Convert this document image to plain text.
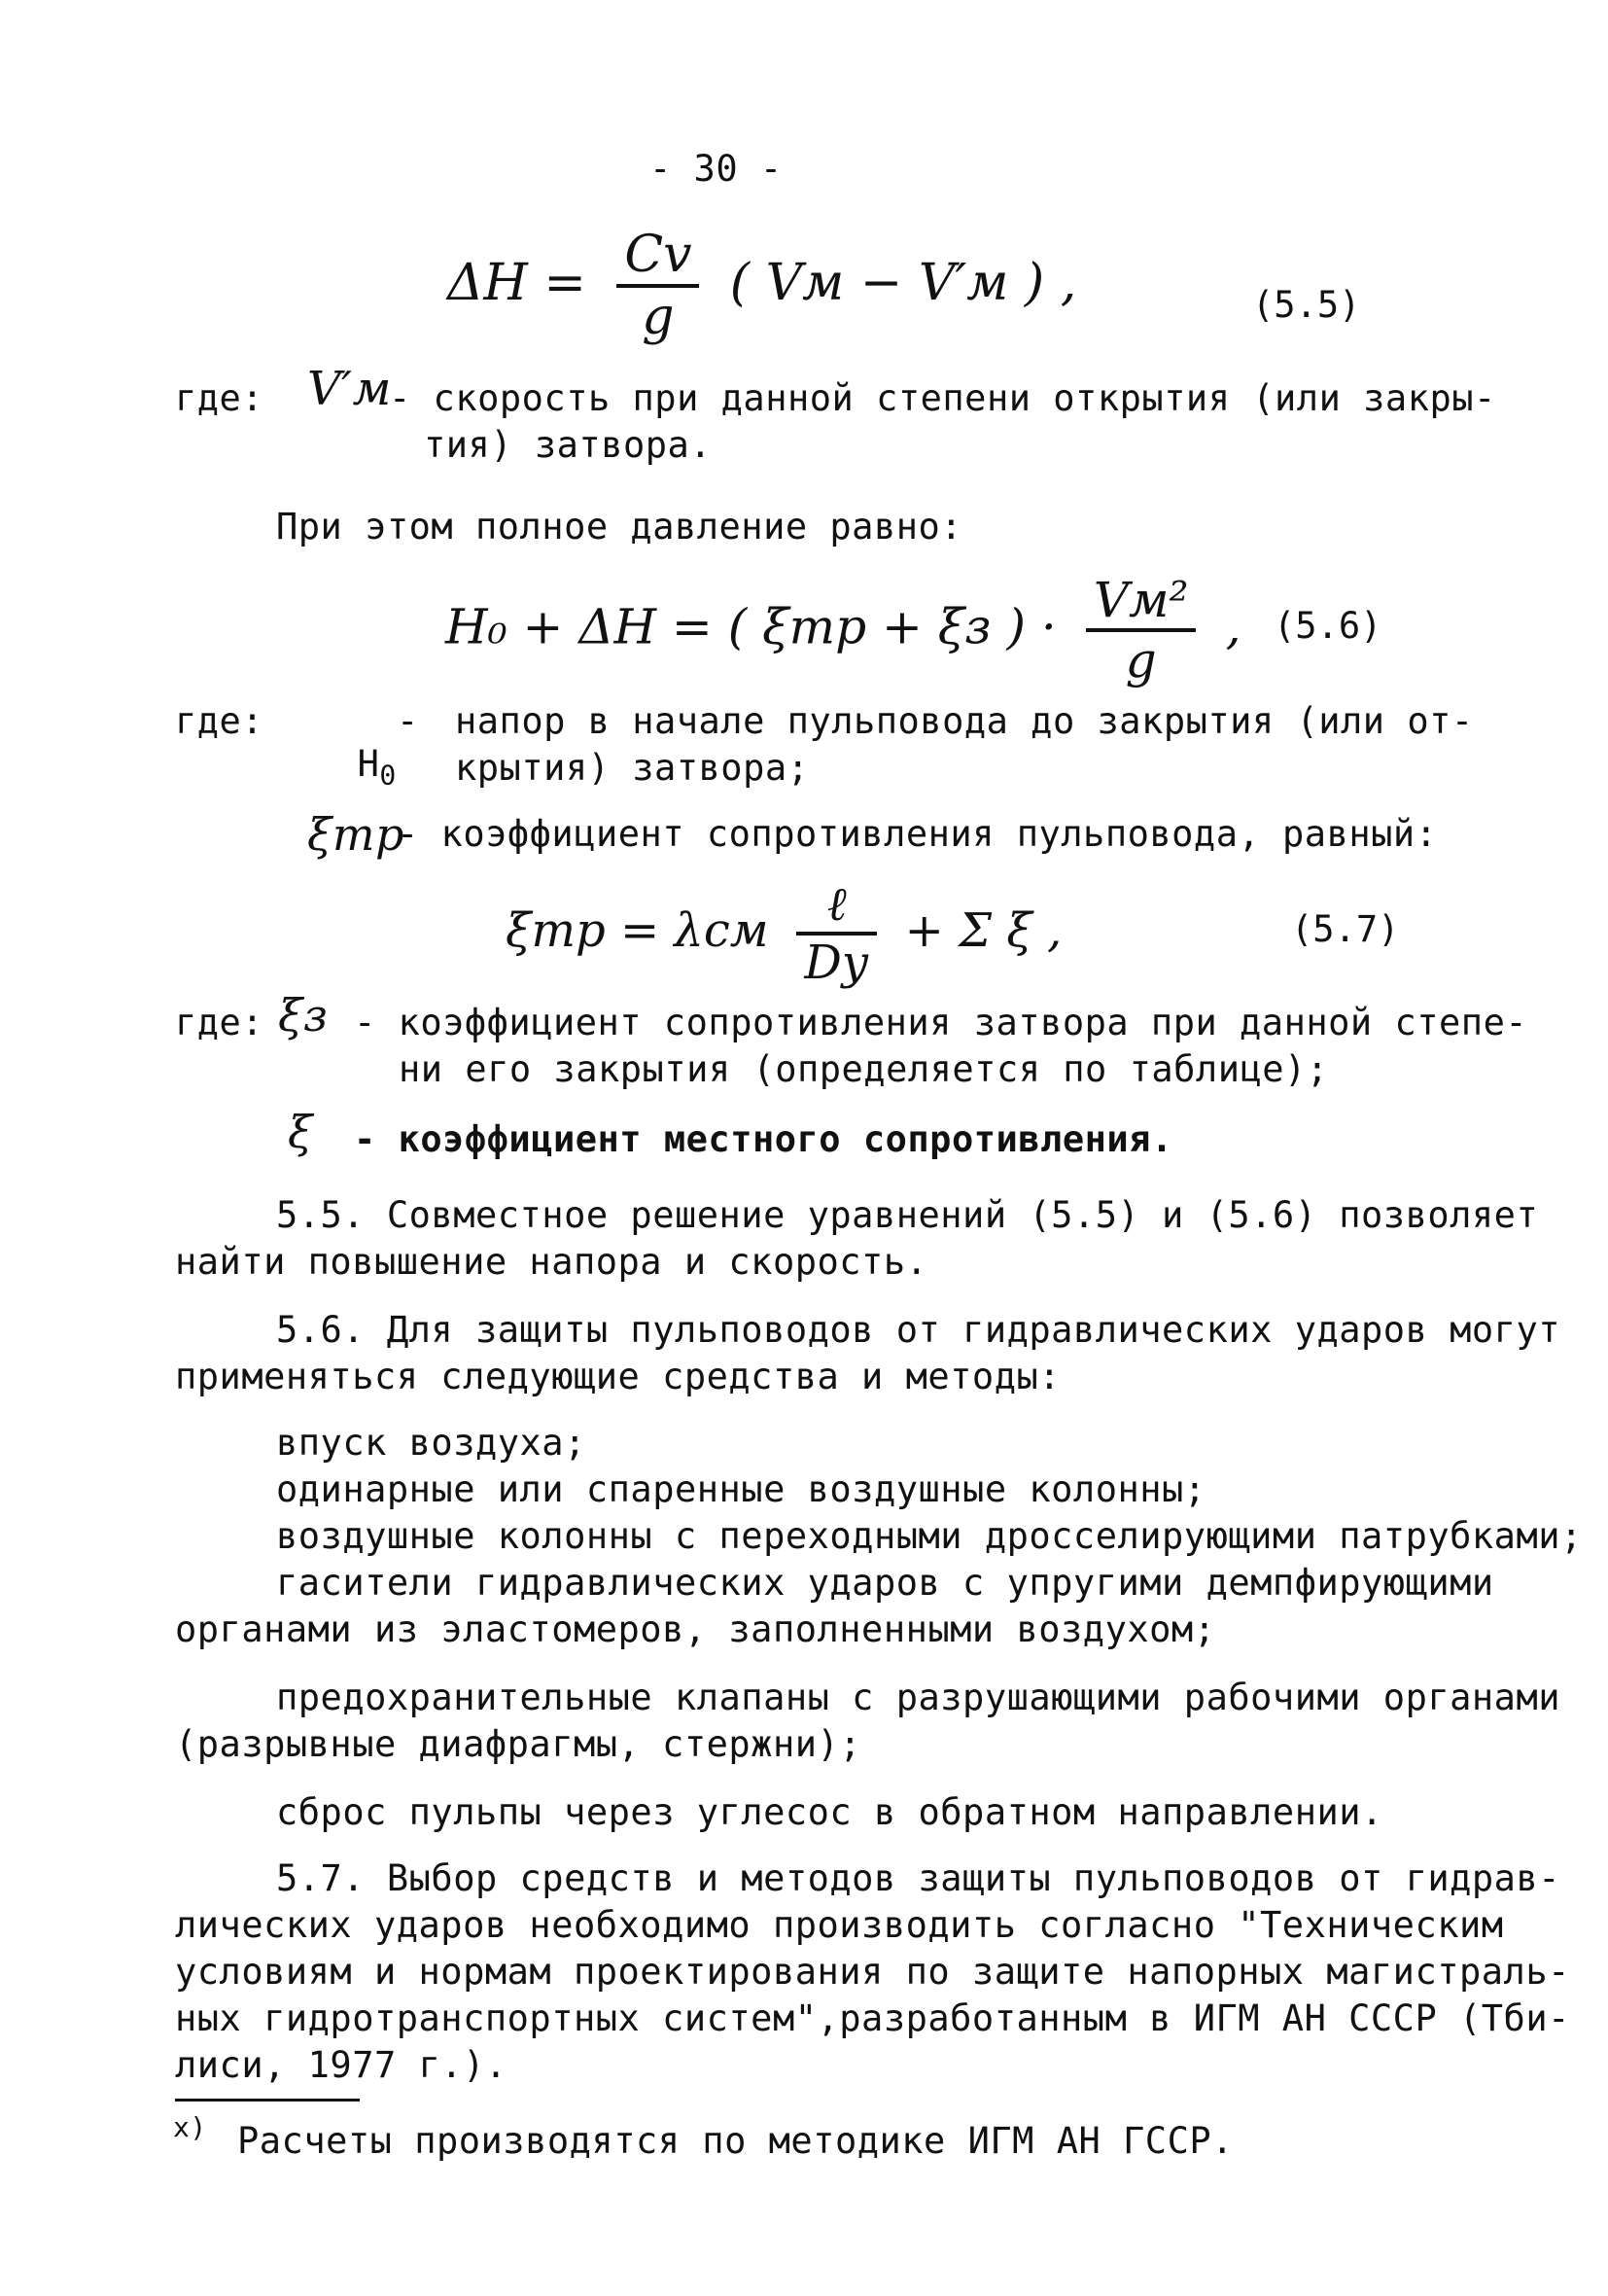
- 30 -
$\Delta H = \frac{Cv}{g}$ ( Vм − V′м ) ,	(5.5)
где: V′м
- скорость при данной степени открытия (или закры-
тия) затвора.
При этом полное давление равно:
H₀ + ΔH = ( ξтр + ξз ) · $\frac{\text{Vм²}}{g}$ , (5.6)
где:

$H_0$

- напор в начале пульповода до закрытия (или от-
крытия) затвора;
ξтр
- коэффициент сопротивления пульповода, равный:
ξтр = λсм $\frac{\text{ℓ}}{Dу} + \Sigma$ ξ ,	(5.7)
где: ξз - коэффициент сопротивления затвора при данной степе-
ни его закрытия (определяется по таблице);
ξ - коэффициент местного сопротивления.
5.5. Совместное решение уравнений (5.5) и (5.6) позволяет
найти повышение напора и скорость.
5.6. Для защиты пульповодов от гидравлических ударов могут
применяться следующие средства и методы:
впуск воздуха;
одинарные или спаренные воздушные колонны;
воздушные колонны с переходными дросселирующими патрубками;
гасители гидравлических ударов с упругими демпфирующими
органами из эластомеров, заполненными воздухом;
предохранительные клапаны с разрушающими рабочими органами
(разрывные диафрагмы, стержни);
сброс пульпы через углесос в обратном направлении.
5.7. Выбор средств и методов защиты пульповодов от гидрав-
лических ударов необходимо производить согласно "Техническим
условиям и нормам проектирования по защите напорных магистраль-
ных гидротранспортных систем",разработанным в ИГМ АН СССР (Тби-
лиси, 1977 г.).
x) Расчеты производятся по методике ИГМ АН ГССР.
